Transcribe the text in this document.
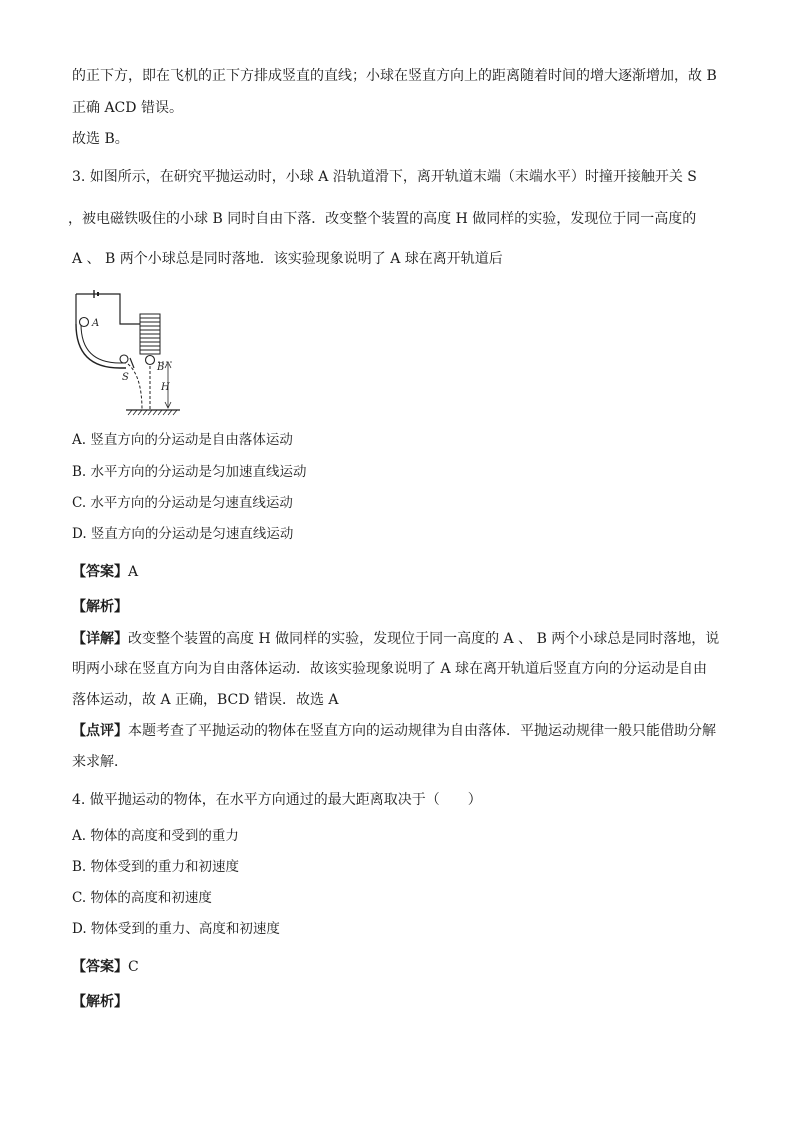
的正下方，即在飞机的正下方排成竖直的直线；小球在竖直方向上的距离随着时间的增大逐渐增加，故 B
正确 ACD 错误。
故选 B。
3. 如图所示，在研究平抛运动时，小球 A 沿轨道滑下，离开轨道末端（末端水平）时撞开接触开关 S
，被电磁铁吸住的小球 B 同时自由下落．改变整个装置的高度 H 做同样的实验，发现位于同一高度的
A 、 B 两个小球总是同时落地．该实验现象说明了 A 球在离开轨道后
A
S
B
H
A. 竖直方向的分运动是自由落体运动
B. 水平方向的分运动是匀加速直线运动
C. 水平方向的分运动是匀速直线运动
D. 竖直方向的分运动是匀速直线运动
【答案】A
【解析】
【详解】改变整个装置的高度 H 做同样的实验，发现位于同一高度的 A 、 B 两个小球总是同时落地，说
明两小球在竖直方向为自由落体运动．故该实验现象说明了 A 球在离开轨道后竖直方向的分运动是自由
落体运动，故 A 正确，BCD 错误．故选 A
【点评】本题考查了平抛运动的物体在竖直方向的运动规律为自由落体．平抛运动规律一般只能借助分解
来求解．
4. 做平抛运动的物体，在水平方向通过的最大距离取决于（　　）
A. 物体的高度和受到的重力
B. 物体受到的重力和初速度
C. 物体的高度和初速度
D. 物体受到的重力、高度和初速度
【答案】C
【解析】
